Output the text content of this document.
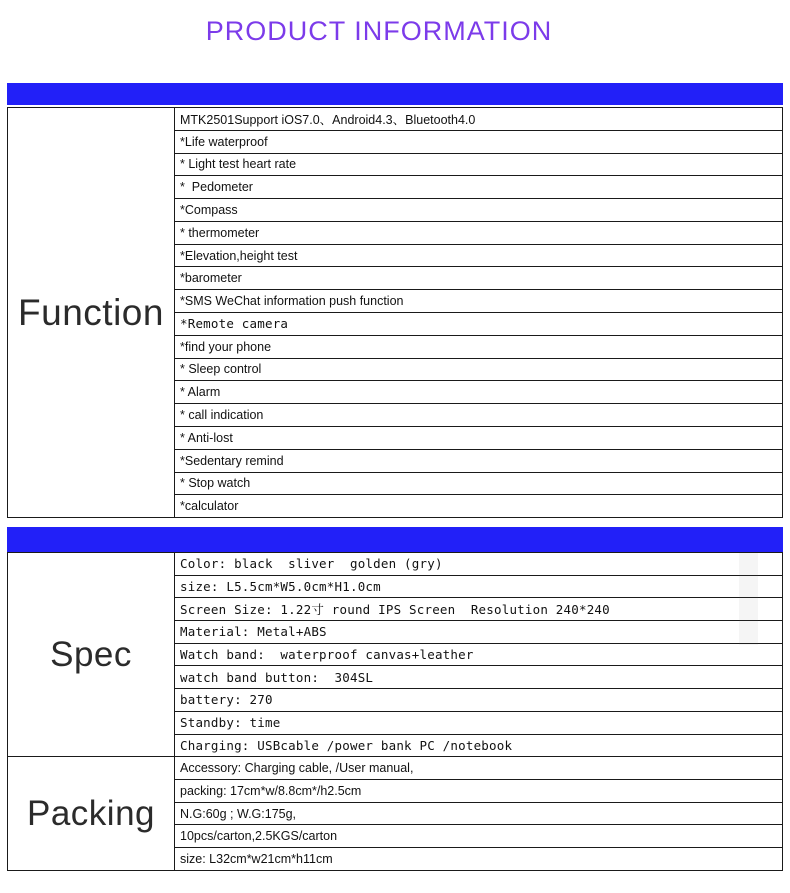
PRODUCT INFORMATION
Function
MTK2501Support iOS7.0、Android4.3、Bluetooth4.0
*Life waterproof
* Light test heart rate
*  Pedometer
*Compass
* thermometer
*Elevation,height test
*barometer
*SMS WeChat information push function
*Remote camera
*find your phone
* Sleep control
* Alarm
* call indication
* Anti-lost
*Sedentary remind
* Stop watch
*calculator
Spec
Color: black  sliver  golden (gry)
size: L5.5cm*W5.0cm*H1.0cm
Screen Size: 1.22寸 round IPS Screen  Resolution 240*240
Material: Metal+ABS
Watch band:  waterproof canvas+leather
watch band button:  304SL
battery: 270
Standby: time
Charging: USBcable /power bank PC /notebook
Packing
Accessory: Charging cable, /User manual,
packing: 17cm*w/8.8cm*/h2.5cm
N.G:60g ; W.G:175g,
10pcs/carton,2.5KGS/carton
size: L32cm*w21cm*h11cm
